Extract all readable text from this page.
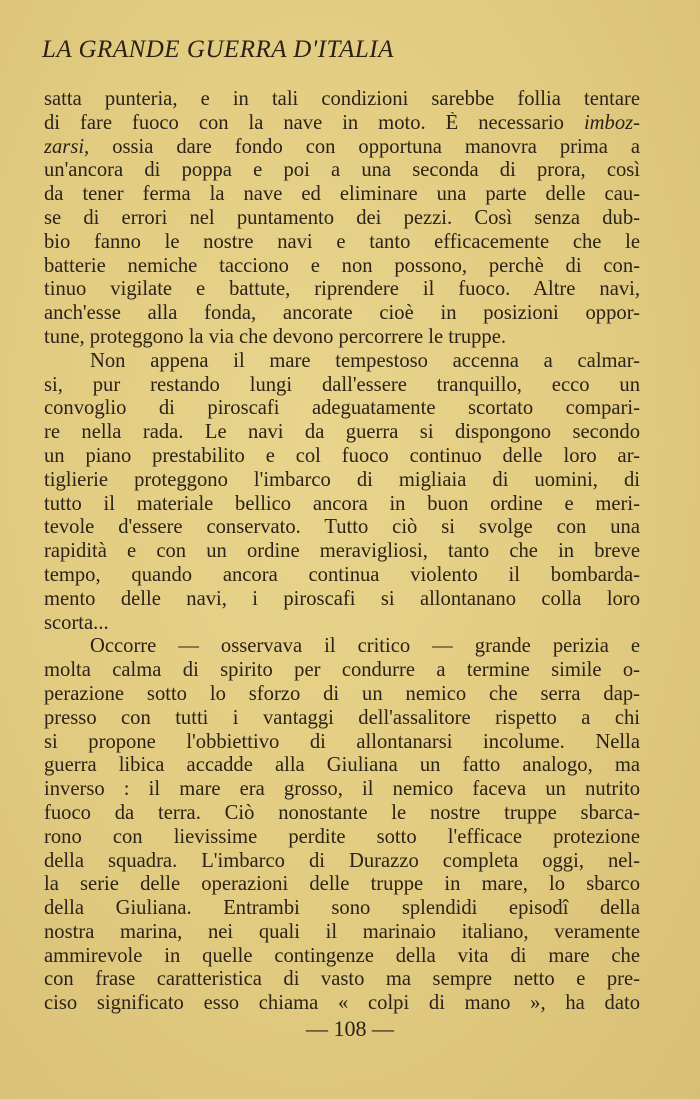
LA GRANDE GUERRA D'ITALIA
satta punteria, e in tali condizioni sarebbe follia tentare
di fare fuoco con la nave in moto. È necessario imboz-
zarsi, ossia dare fondo con opportuna manovra prima a
un'ancora di poppa e poi a una seconda di prora, così
da tener ferma la nave ed eliminare una parte delle cau-
se di errori nel puntamento dei pezzi. Così senza dub-
bio fanno le nostre navi e tanto efficacemente che le
batterie nemiche tacciono e non possono, perchè di con-
tinuo vigilate e battute, riprendere il fuoco. Altre navi,
anch'esse alla fonda, ancorate cioè in posizioni oppor-
tune, proteggono la via che devono percorrere le truppe.
Non appena il mare tempestoso accenna a calmar-
si, pur restando lungi dall'essere tranquillo, ecco un
convoglio di piroscafi adeguatamente scortato compari-
re nella rada. Le navi da guerra si dispongono secondo
un piano prestabilito e col fuoco continuo delle loro ar-
tiglierie proteggono l'imbarco di migliaia di uomini, di
tutto il materiale bellico ancora in buon ordine e meri-
tevole d'essere conservato. Tutto ciò si svolge con una
rapidità e con un ordine meravigliosi, tanto che in breve
tempo, quando ancora continua violento il bombarda-
mento delle navi, i piroscafi si allontanano colla loro
scorta...
Occorre — osservava il critico — grande perizia e
molta calma di spirito per condurre a termine simile o-
perazione sotto lo sforzo di un nemico che serra dap-
presso con tutti i vantaggi dell'assalitore rispetto a chi
si propone l'obbiettivo di allontanarsi incolume. Nella
guerra libica accadde alla Giuliana un fatto analogo, ma
inverso : il mare era grosso, il nemico faceva un nutrito
fuoco da terra. Ciò nonostante le nostre truppe sbarca-
rono con lievissime perdite sotto l'efficace protezione
della squadra. L'imbarco di Durazzo completa oggi, nel-
la serie delle operazioni delle truppe in mare, lo sbarco
della Giuliana. Entrambi sono splendidi episodî della
nostra marina, nei quali il marinaio italiano, veramente
ammirevole in quelle contingenze della vita di mare che
con frase caratteristica di vasto ma sempre netto e pre-
ciso significato esso chiama « colpi di mano », ha dato
— 108 —
